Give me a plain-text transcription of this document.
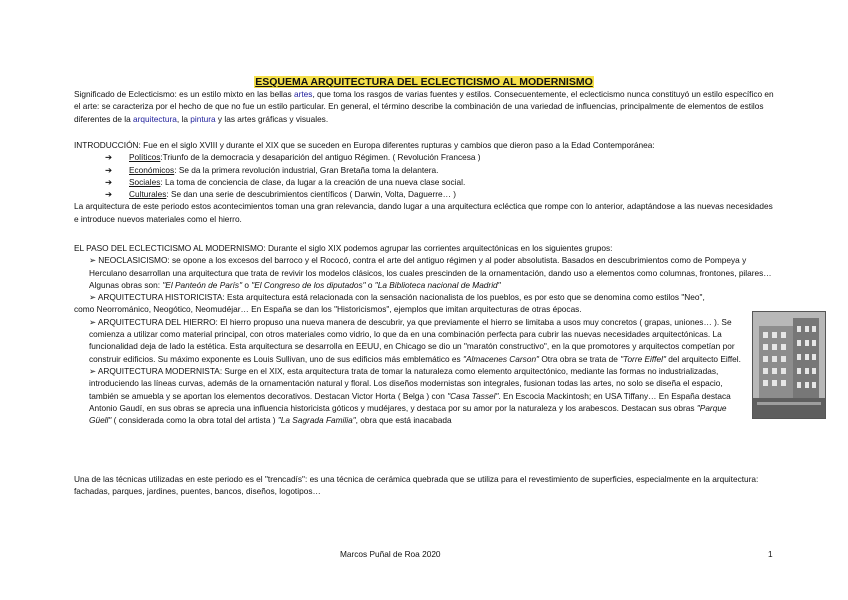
ESQUEMA ARQUITECTURA DEL ECLECTICISMO AL MODERNISMO
Significado de Eclecticismo: es un estilo mixto en las bellas artes, que toma los rasgos de varias fuentes y estilos. Consecuentemente, el eclecticismo nunca constituyó un estilo específico en el arte: se caracteriza por el hecho de que no fue un estilo particular. En general, el término describe la combinación de una variedad de influencias, principalmente de elementos de estilos diferentes de la arquitectura, la pintura y las artes gráficas y visuales.

INTRODUCCIÓN: Fue en el siglo XVIII y durante el XIX que se suceden en Europa diferentes rupturas y cambios que dieron paso a la Edad Contemporánea:

➔ Políticos:Triunfo de la democracia y desaparición del antiguo Régimen. ( Revolución Francesa )

➔ Económicos: Se da la primera revolución industrial, Gran Bretaña toma la delantera.

➔ Sociales: La toma de conciencia de clase, da lugar a la creación de una nueva clase social.

➔ Culturales: Se dan una serie de descubrimientos científicos ( Darwin, Volta, Daguerre… )

La arquitectura de este periodo estos acontecimientos toman una gran relevancia, dando lugar a una arquitectura ecléctica que rompe con lo anterior, adaptándose a las nuevas necesidades e introduce nuevos materiales como el hierro.

EL PASO DEL ECLECTICISMO AL MODERNISMO: Durante el siglo XIX podemos agrupar las corrientes arquitectónicas en los siguientes grupos:

➢ NEOCLASICISMO: se opone a los excesos del barroco y el Rococó, contra el arte del antiguo régimen y al poder absolutista. Basados en descubrimientos como de Pompeya y Herculano desarrollan una arquitectura que trata de revivir los modelos clásicos, los cuales prescinden de la ornamentación, dando uso a elementos como columnas, frontones, pilares… Algunas obras son: "El Panteón de París" o "El Congreso de los diputados" o "La Biblioteca nacional de Madrid"

➢ ARQUITECTURA HISTORICISTA: Esta arquitectura está relacionada con la sensación nacionalista de los pueblos, es por esto que se denomina como estilos "Neo",

como Neorrománico, Neogótico, Neomudéjar… En España se dan los "Historicismos", ejemplos que imitan arquitecturas de otras épocas.

➢ ARQUITECTURA DEL HIERRO: El hierro propuso una nueva manera de descubrir, ya que previamente el hierro se limitaba a usos muy concretos ( grapas, uniones… ). Se comienza a utilizar como material principal, con otros materiales como vidrio, lo que da en una combinación perfecta para cubrir las nuevas necesidades arquitectónicas. La funcionalidad deja de lado la estética. Esta arquitectura se desarrolla en EEUU, en Chicago se dio un "maratón constructivo", en la que promotores y arquitectos competían por construir edificios. Su máximo exponente es Louis Sullivan, uno de sus edificios más emblemático es "Almacenes Carson" Otra obra se trata de "Torre Eiffel" del arquitecto Eiffel.

➢ ARQUITECTURA MODERNISTA: Surge en el XIX, esta arquitectura trata de tomar la naturaleza como elemento arquitectónico, mediante las formas no industrializadas, introduciendo las líneas curvas, además de la ornamentación natural y floral. Los diseños modernistas son integrales, fusionan todas las artes, no solo se diseña el espacio, también se amuebla y se aportan los elementos decorativos. Destacan Victor Horta ( Belga ) con "Casa Tassel". En Escocia Mackintosh; en USA Tiffany… En España destaca Antonio Gaudí, en sus obras se aprecia una influencia historicista góticos y mudéjares, y destaca por su amor por la naturaleza y los arabescos. Destacan sus obras "Parque Güell" ( considerada como la obra total del artista ) "La Sagrada Familia", obra que está inacabada

Una de las técnicas utilizadas en este periodo es el "trencadís": es una técnica de cerámica quebrada que se utiliza para el revestimiento de superficies, especialmente en la arquitectura: fachadas, parques, jardines, puentes, bancos, diseños, logotipos…
Marcos Puñal de Roa 2020	1
